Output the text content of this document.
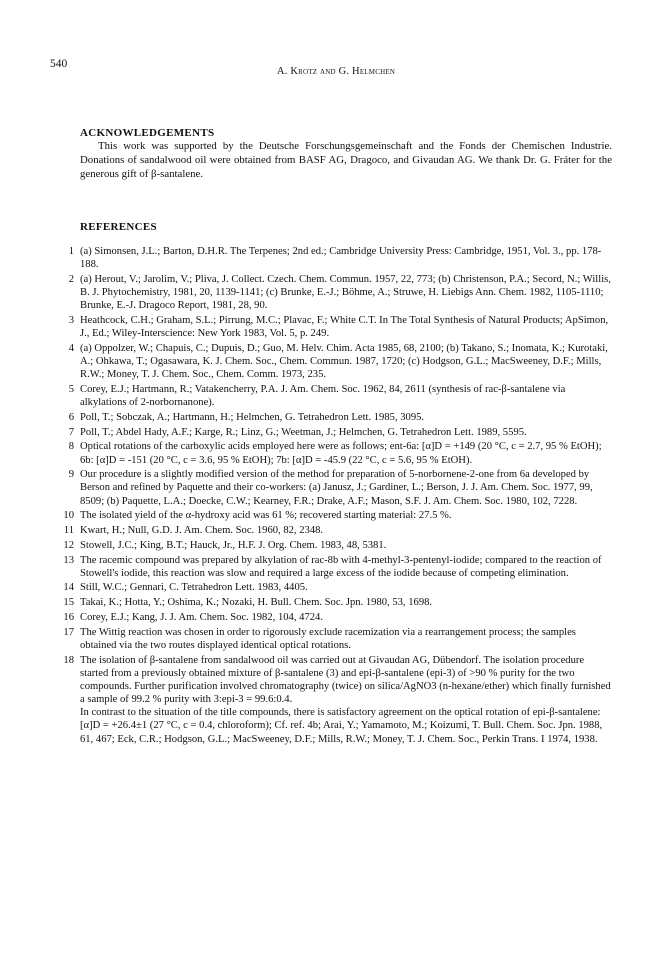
540
A. Krotz and G. Helmchen
ACKNOWLEDGEMENTS

This work was supported by the Deutsche Forschungsgemeinschaft and the Fonds der Chemischen Industrie. Donations of sandalwood oil were obtained from BASF AG, Dragoco, and Givaudan AG. We thank Dr. G. Fráter for the generous gift of β-santalene.

REFERENCES
1 (a) Simonsen, J.L.; Barton, D.H.R. The Terpenes; 2nd ed.; Cambridge University Press: Cambridge, 1951, Vol. 3., pp. 178-188.
2 (a) Herout, V.; Jarolim, V.; Pliva, J. Collect. Czech. Chem. Commun. 1957, 22, 773; (b) Christenson, P.A.; Secord, N.; Willis, B. J. Phytochemistry, 1981, 20, 1139-1141; (c) Brunke, E.-J.; Böhme, A.; Struwe, H. Liebigs Ann. Chem. 1982, 1105-1110; Brunke, E.-J. Dragoco Report, 1981, 28, 90.
3 Heathcock, C.H.; Graham, S.L.; Pirrung, M.C.; Plavac, F.; White C.T. In The Total Synthesis of Natural Products; ApSimon, J., Ed.; Wiley-Interscience: New York 1983, Vol. 5, p. 249.
4 (a) Oppolzer, W.; Chapuis, C.; Dupuis, D.; Guo, M. Helv. Chim. Acta 1985, 68, 2100; (b) Takano, S.; Inomata, K.; Kurotaki, A.; Ohkawa, T.; Ogasawara, K. J. Chem. Soc., Chem. Commun. 1987, 1720; (c) Hodgson, G.L.; MacSweeney, D.F.; Mills, R.W.; Money, T. J. Chem. Soc., Chem. Comm. 1973, 235.
5 Corey, E.J.; Hartmann, R.; Vatakencherry, P.A. J. Am. Chem. Soc. 1962, 84, 2611 (synthesis of rac-β-santalene via alkylations of 2-norbornanone).
6 Poll, T.; Sobczak, A.; Hartmann, H.; Helmchen, G. Tetrahedron Lett. 1985, 3095.
7 Poll, T.; Abdel Hady, A.F.; Karge, R.; Linz, G.; Weetman, J.; Helmchen, G. Tetrahedron Lett. 1989, 5595.
8 Optical rotations of the carboxylic acids employed here were as follows; ent-6a: [α]D = +149 (20 °C, c = 2.7, 95 % EtOH); 6b: [α]D = -151 (20 °C, c = 3.6, 95 % EtOH); 7b: [α]D = -45.9 (22 °C, c = 5.6, 95 % EtOH).
9 Our procedure is a slightly modified version of the method for preparation of 5-norbornene-2-one from 6a developed by Berson and refined by Paquette and their co-workers: (a) Janusz, J.; Gardiner, L.; Berson, J. J. Am. Chem. Soc. 1977, 99, 8509; (b) Paquette, L.A.; Doecke, C.W.; Kearney, F.R.; Drake, A.F.; Mason, S.F. J. Am. Chem. Soc. 1980, 102, 7228.
10 The isolated yield of the α-hydroxy acid was 61 %; recovered starting material: 27.5 %.
11 Kwart, H.; Null, G.D. J. Am. Chem. Soc. 1960, 82, 2348.
12 Stowell, J.C.; King, B.T.; Hauck, Jr., H.F. J. Org. Chem. 1983, 48, 5381.
13 The racemic compound was prepared by alkylation of rac-8b with 4-methyl-3-pentenyl-iodide; compared to the reaction of Stowell's iodide, this reaction was slow and required a large excess of the iodide because of competing elimination.
14 Still, W.C.; Gennari, C. Tetrahedron Lett. 1983, 4405.
15 Takai, K.; Hotta, Y.; Oshima, K.; Nozaki, H. Bull. Chem. Soc. Jpn. 1980, 53, 1698.
16 Corey, E.J.; Kang, J. J. Am. Chem. Soc. 1982, 104, 4724.
17 The Wittig reaction was chosen in order to rigorously exclude racemization via a rearrangement process; the samples obtained via the two routes displayed identical optical rotations.
18 The isolation of β-santalene from sandalwood oil was carried out at Givaudan AG, Dübendorf. The isolation procedure started from a previously obtained mixture of β-santalene (3) and epi-β-santalene (epi-3) of >90 % purity for the two compounds. Further purification involved chromatography (twice) on silica/AgNO3 (n-hexane/ether) which finally furnished a sample of 99.2 % purity with 3:epi-3 = 99.6:0.4.
In contrast to the situation of the title compounds, there is satisfactory agreement on the optical rotation of epi-β-santalene: [α]D = +26.4±1 (27 °C, c = 0.4, chloroform); Cf. ref. 4b; Arai, Y.; Yamamoto, M.; Koizumi, T. Bull. Chem. Soc. Jpn. 1988, 61, 467; Eck, C.R.; Hodgson, G.L.; MacSweeney, D.F.; Mills, R.W.; Money, T. J. Chem. Soc., Perkin Trans. I 1974, 1938.
